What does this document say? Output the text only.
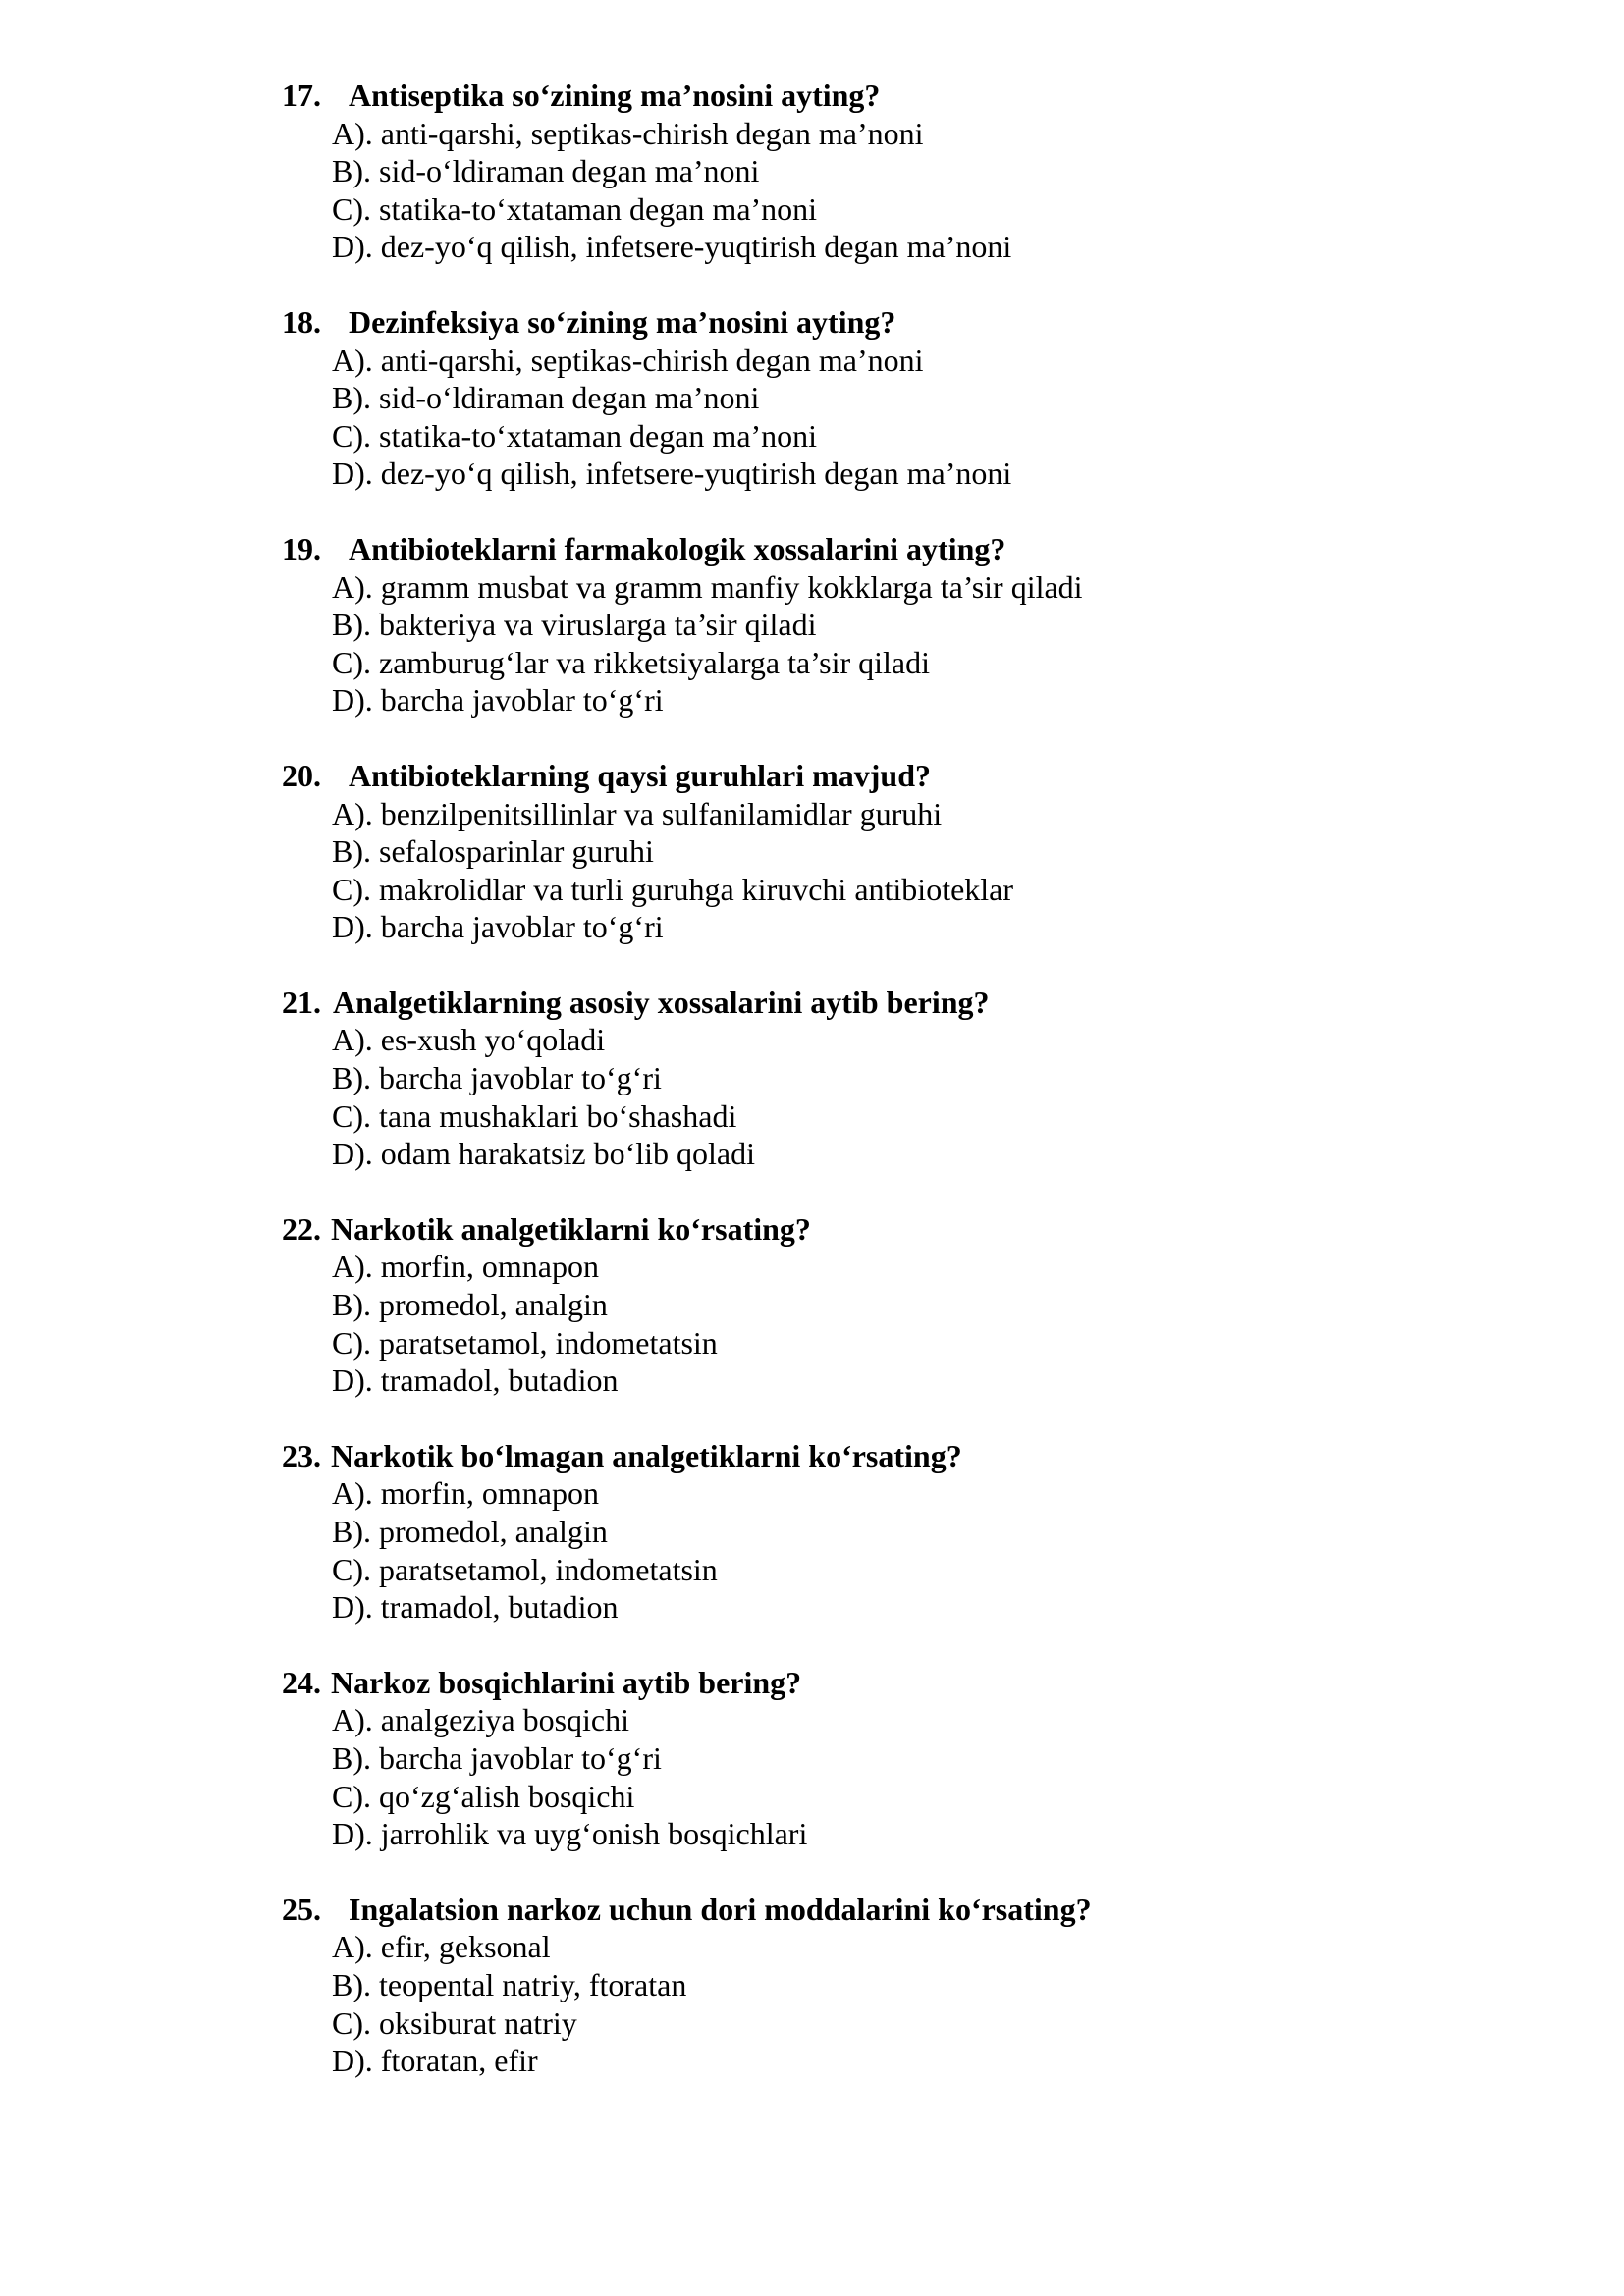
17. Antiseptika so‘zining ma’nosini ayting?
A). anti-qarshi, septikas-chirish degan ma’noni
B). sid-o‘ldiraman degan ma’noni
C). statika-to‘xtataman degan ma’noni
D). dez-yo‘q qilish, infetsere-yuqtirish degan ma’noni
18. Dezinfeksiya so‘zining ma’nosini ayting?
A). anti-qarshi, septikas-chirish degan ma’noni
B). sid-o‘ldiraman degan ma’noni
C). statika-to‘xtataman degan ma’noni
D). dez-yo‘q qilish, infetsere-yuqtirish degan ma’noni
19. Antibioteklarni farmakologik xossalarini ayting?
A). gramm musbat va gramm manfiy kokklarga ta’sir qiladi
B). bakteriya va viruslarga ta’sir qiladi
C). zamburug‘lar va rikketsiyalarga ta’sir qiladi
D). barcha javoblar to‘g‘ri
20. Antibioteklarning qaysi guruhlari mavjud?
A). benzilpenitsillinlar va sulfanilamidlar guruhi
B). sefalosparinlar guruhi
C). makrolidlar va turli guruhga kiruvchi antibioteklar
D). barcha javoblar to‘g‘ri
21. Analgetiklarning asosiy xossalarini aytib bering?
A). es-xush yo‘qoladi
B). barcha javoblar to‘g‘ri
C). tana mushaklari bo‘shashadi
D). odam harakatsiz bo‘lib qoladi
22. Narkotik analgetiklarni ko‘rsating?
A). morfin, omnapon
B). promedol, analgin
C). paratsetamol, indometatsin
D). tramadol, butadion
23. Narkotik bo‘lmagan analgetiklarni ko‘rsating?
A). morfin, omnapon
B). promedol, analgin
C). paratsetamol, indometatsin
D). tramadol, butadion
24. Narkoz bosqichlarini aytib bering?
A). analgeziya bosqichi
B). barcha javoblar to‘g‘ri
C). qo‘zg‘alish bosqichi
D). jarrohlik va uyg‘onish bosqichlari
25. Ingalatsion narkoz uchun dori moddalarini ko‘rsating?
A). efir, geksonal
B). teopental natriy, ftoratan
C). oksiburat natriy
D). ftoratan, efir
